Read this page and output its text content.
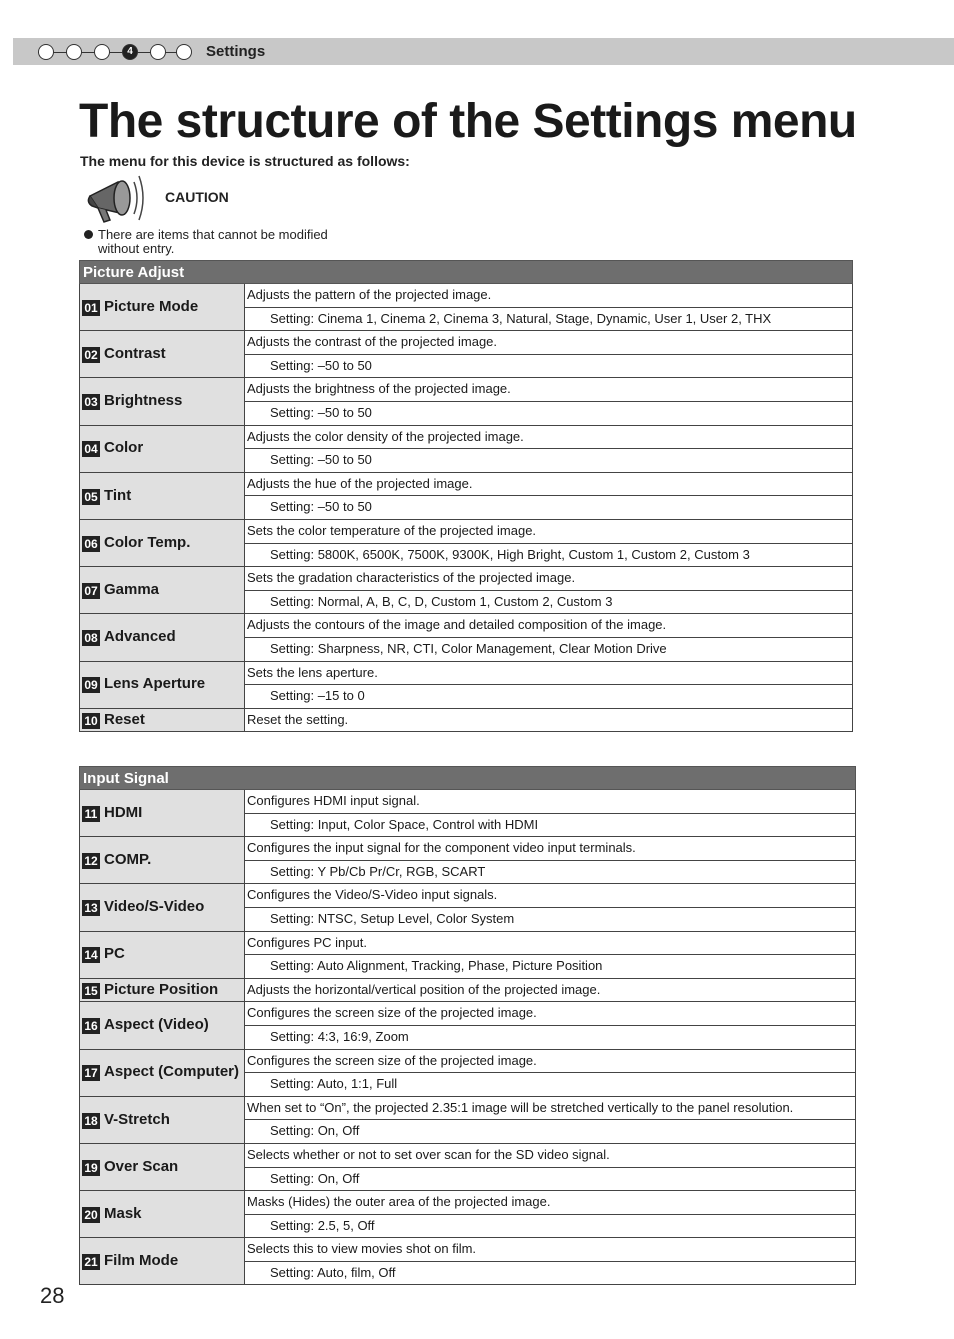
4	Settings
The structure of the Settings menu
The menu for this device is structured as follows:
CAUTION
There are items that cannot be modified
without entry.
Picture Adjust	
01 Picture Mode	Adjusts the pattern of the projected image.
	Setting: Cinema 1, Cinema 2, Cinema 3, Natural, Stage, Dynamic, User 1, User 2, THX
02 Contrast	Adjusts the contrast of the projected image.
	Setting: –50 to 50
03 Brightness	Adjusts the brightness of the projected image.
	Setting: –50 to 50
04 Color	Adjusts the color density of the projected image.
	Setting: –50 to 50
05 Tint	Adjusts the hue of the projected image.
	Setting: –50 to 50
06 Color Temp.	Sets the color temperature of the projected image.
	Setting: 5800K, 6500K, 7500K, 9300K, High Bright, Custom 1, Custom 2, Custom 3
07 Gamma	Sets the gradation characteristics of the projected image.
	Setting: Normal, A, B, C, D, Custom 1, Custom 2, Custom 3
08 Advanced	Adjusts the contours of the image and detailed composition of the image.
	Setting: Sharpness, NR, CTI, Color Management, Clear Motion Drive
09 Lens Aperture	Sets the lens aperture.
	Setting: –15 to 0
10 Reset	Reset the setting.
Input Signal	
11 HDMI	Configures HDMI input signal.
	Setting: Input, Color Space, Control with HDMI
12 COMP.	Configures the input signal for the component video input terminals.
	Setting: Y Pb/Cb Pr/Cr, RGB, SCART
13 Video/S-Video	Configures the Video/S-Video input signals.
	Setting: NTSC, Setup Level, Color System
14 PC	Configures PC input.
	Setting: Auto Alignment, Tracking, Phase, Picture Position
15 Picture Position	Adjusts the horizontal/vertical position of the projected image.
16 Aspect (Video)	Configures the screen size of the projected image.
	Setting: 4:3, 16:9, Zoom
17 Aspect (Computer)	Configures the screen size of the projected image.
	Setting: Auto, 1:1, Full
18 V-Stretch	When set to “On”, the projected 2.35:1 image will be stretched vertically to the panel resolution.
	Setting: On, Off
19 Over Scan	Selects whether or not to set over scan for the SD video signal.
	Setting: On, Off
20 Mask	Masks (Hides) the outer area of the projected image.
	Setting: 2.5, 5, Off
21 Film Mode	Selects this to view movies shot on film.
	Setting: Auto, film, Off
28
